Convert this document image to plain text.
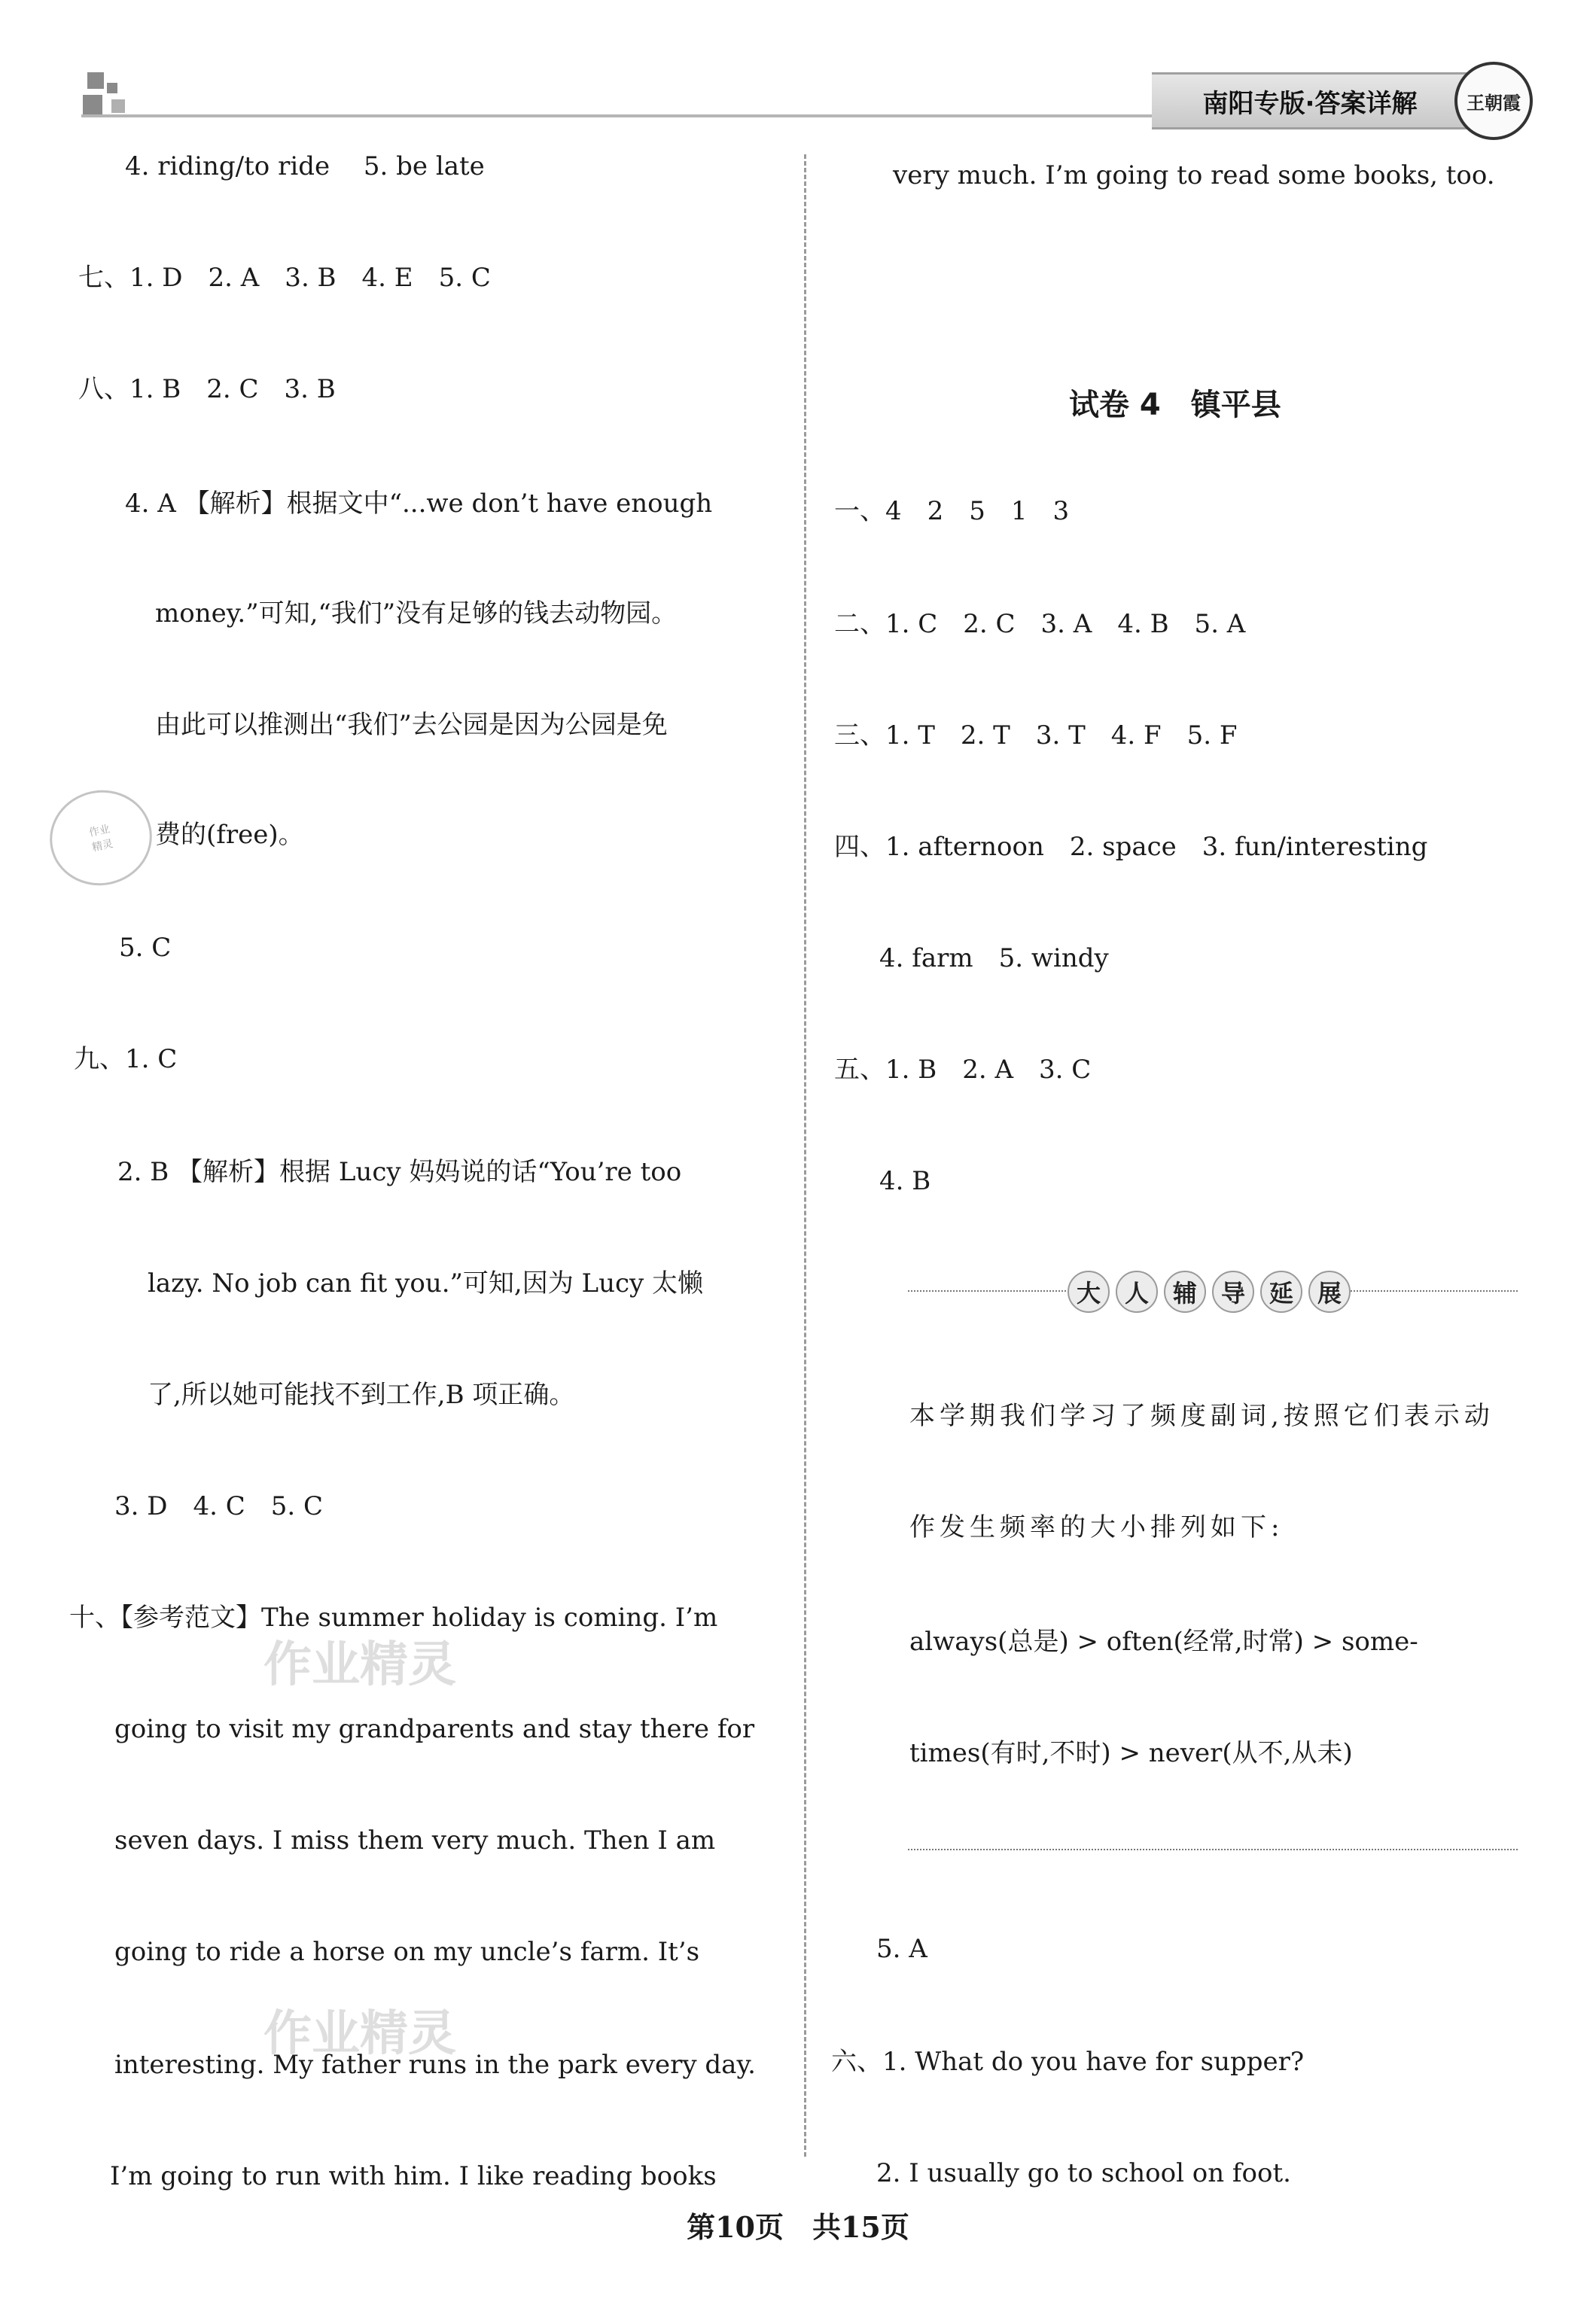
南阳专版·答案详解	王朝霞
4. riding/to ride　 5. be late
七、1. D　2. A　3. B　4. E　5. C
八、1. B　2. C　3. B
4. A 【解析】根据文中“...we don’t have enough
money.”可知,“我们”没有足够的钱去动物园。
由此可以推测出“我们”去公园是因为公园是免
费的(free)。
5. C
九、1. C
2. B 【解析】根据 Lucy 妈妈说的话“You’re too
lazy. No job can fit you.”可知,因为 Lucy 太懒
了,所以她可能找不到工作,B 项正确。
3. D　4. C　5. C
十、【参考范文】The summer holiday is coming. I’m
going to visit my grandparents and stay there for
seven days. I miss them very much. Then I am
going to ride a horse on my uncle’s farm. It’s
interesting. My father runs in the park every day.
I’m going to run with him. I like reading books
作业
精灵
作业精灵
作业精灵
very much. I’m going to read some books, too.
试卷 4　镇平县
一、4　2　5　1　3
二、1. C　2. C　3. A　4. B　5. A
三、1. T　2. T　3. T　4. F　5. F
四、1. afternoon　2. space　3. fun/interesting
4. farm　5. windy
五、1. B　2. A　3. C
4. B
大 人 辅 导 延 展
本学期我们学习了频度副词,按照它们表示动
作发生频率的大小排列如下:
always(总是) > often(经常,时常) > some-
times(有时,不时) > never(从不,从未)
5. A
六、1. What do you have for supper?
2. I usually go to school on foot.
第10页　共15页
